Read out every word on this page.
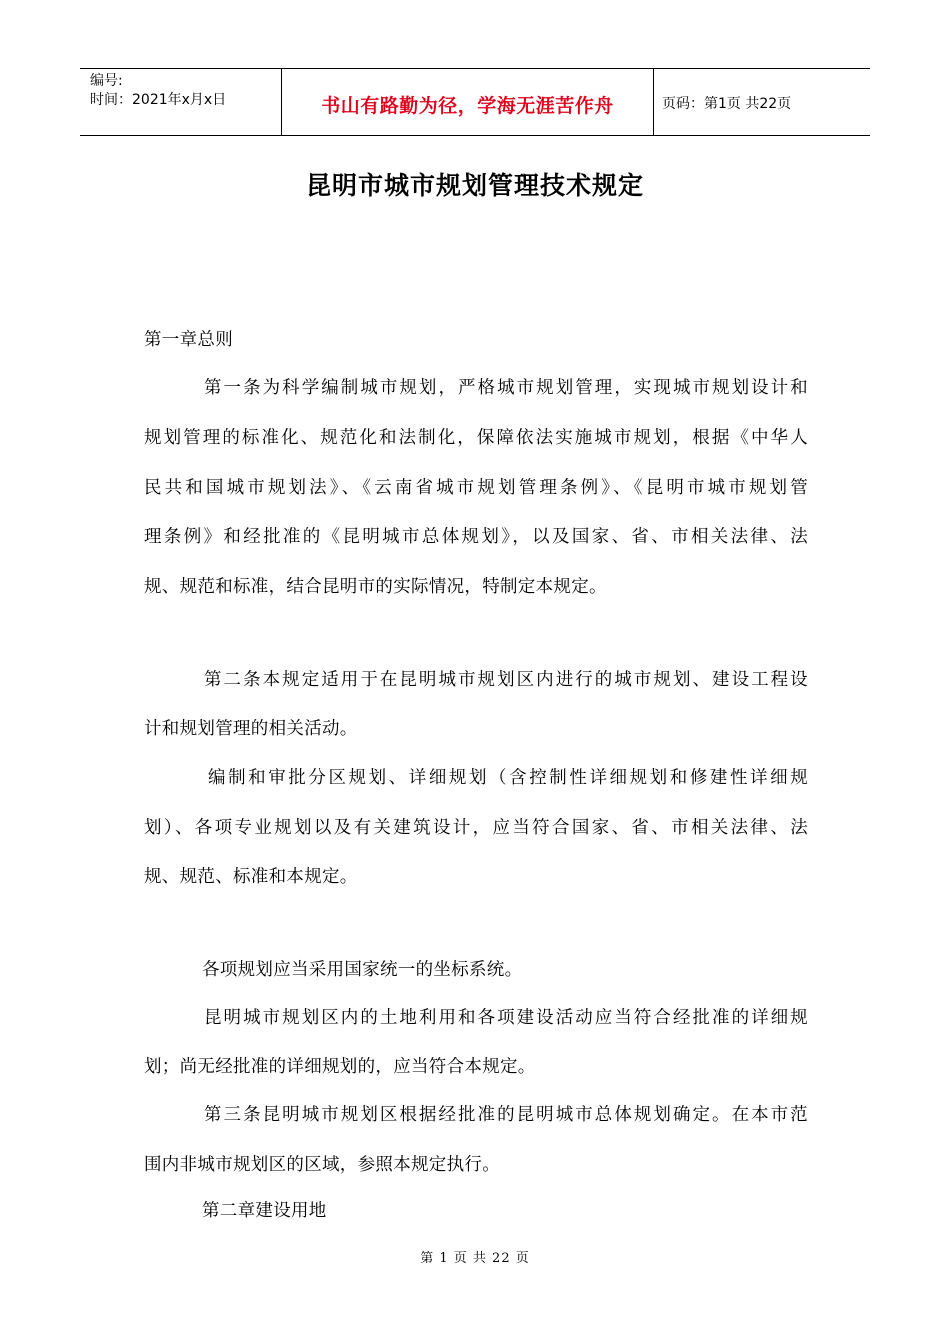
编号:
时间：2021年x月x日	书山有路勤为径，学海无涯苦作舟	页码：第1页 共22页
昆明市城市规划管理技术规定
第一章总则
第一条为科学编制城市规划，严格城市规划管理，实现城市规划设计和
规划管理的标准化、规范化和法制化，保障依法实施城市规划，根据《中华人
民共和国城市规划法》、《云南省城市规划管理条例》、《昆明市城市规划管
理条例》和经批准的《昆明城市总体规划》，以及国家、省、市相关法律、法
规、规范和标准，结合昆明市的实际情况，特制定本规定。
第二条本规定适用于在昆明城市规划区内进行的城市规划、建设工程设
计和规划管理的相关活动。
编制和审批分区规划、详细规划（含控制性详细规划和修建性详细规
划）、各项专业规划以及有关建筑设计，应当符合国家、省、市相关法律、法
规、规范、标准和本规定。
各项规划应当采用国家统一的坐标系统。
昆明城市规划区内的土地利用和各项建设活动应当符合经批准的详细规
划；尚无经批准的详细规划的，应当符合本规定。
第三条昆明城市规划区根据经批准的昆明城市总体规划确定。在本市范
围内非城市规划区的区域，参照本规定执行。
第二章建设用地
第 1 页 共 22 页
